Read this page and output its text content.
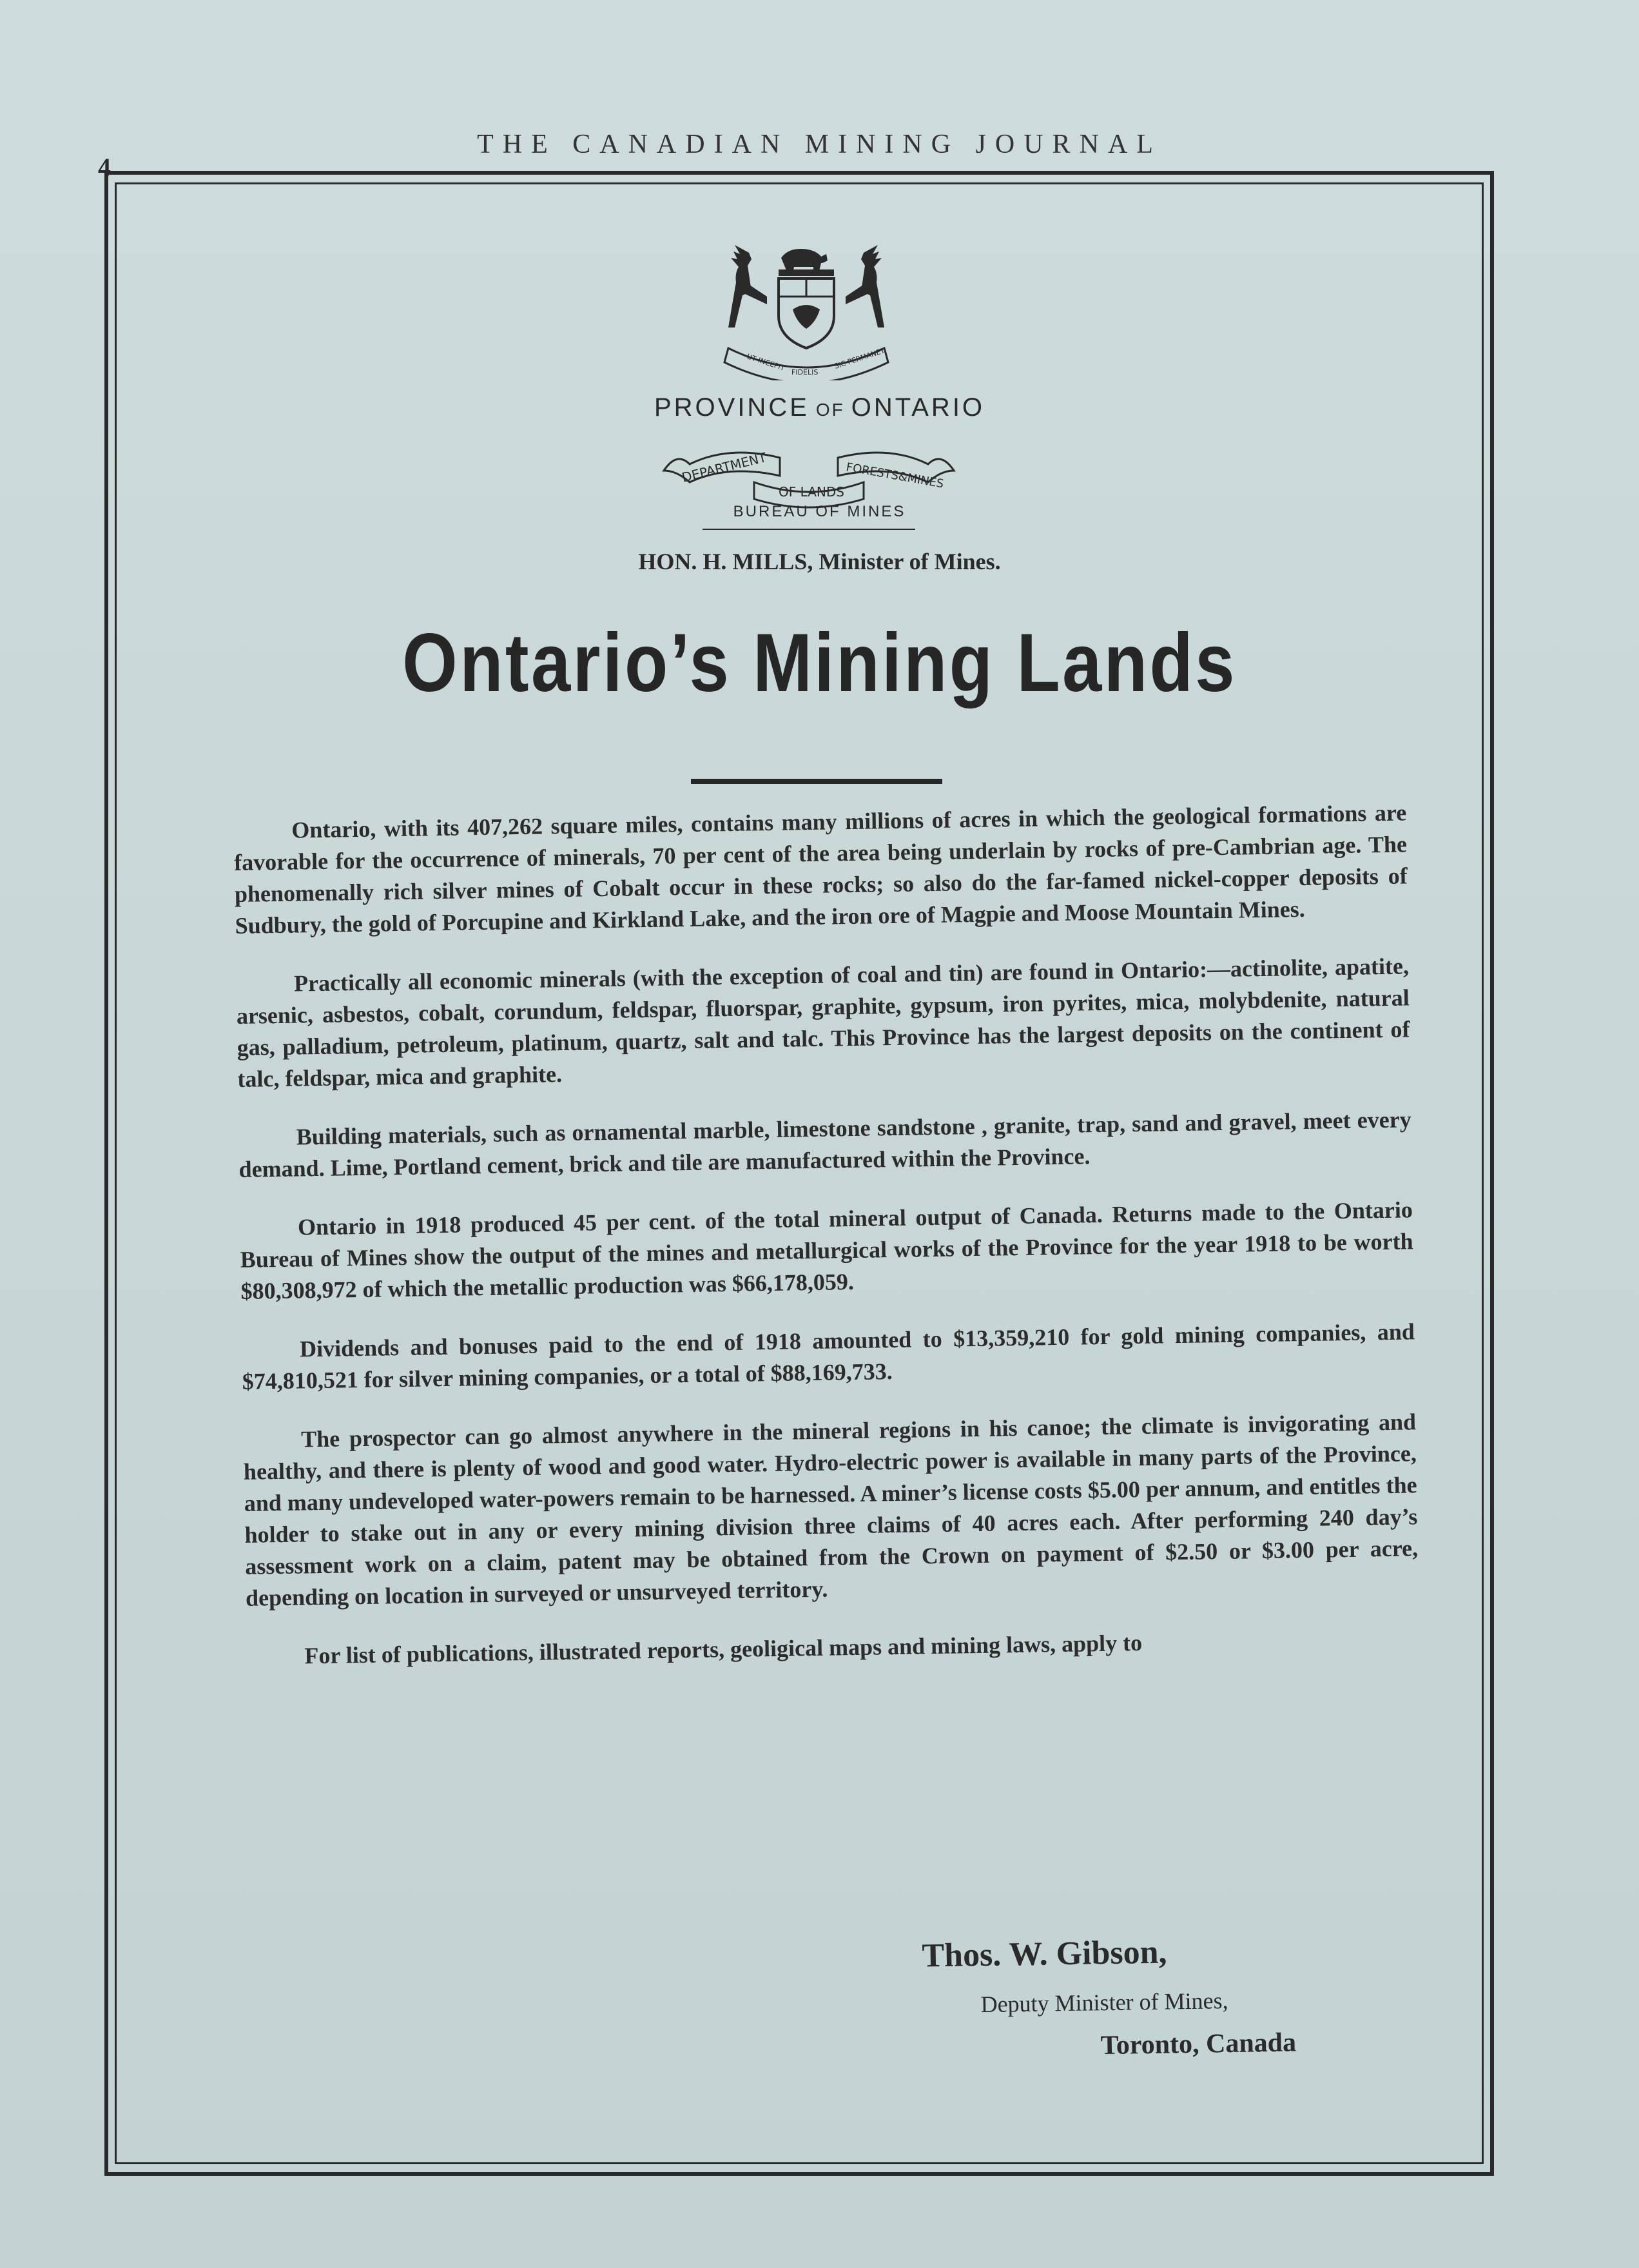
4
THE CANADIAN MINING JOURNAL
UT INCEPIT FIDELIS
SIC PERMANET
PROVINCE OF ONTARIO
DEPARTMENT	FORESTS&MINES
OF LANDS
BUREAU OF MINES
HON. H. MILLS, Minister of Mines.
Ontario’s Mining Lands

Ontario, with its 407,262 square miles, contains many millions of acres in which the geological formations are favorable for the occurrence of minerals, 70 per cent of the area being underlain by rocks of pre-Cambrian age. The phenomenally rich silver mines of Cobalt occur in these rocks; so also do the far-famed nickel-copper deposits of Sudbury, the gold of Porcupine and Kirkland Lake, and the iron ore of Magpie and Moose Mountain Mines.

Practically all economic minerals (with the exception of coal and tin) are found in Ontario:—actinolite, apatite, arsenic, asbestos, cobalt, corundum, feldspar, fluorspar, graphite, gypsum, iron pyrites, mica, molybdenite, natural gas, palladium, petroleum, platinum, quartz, salt and talc. This Province has the largest deposits on the continent of talc, feldspar, mica and graphite.

Building materials, such as ornamental marble, limestone sandstone , granite, trap, sand and gravel, meet every demand. Lime, Portland cement, brick and tile are manufactured within the Province.

Ontario in 1918 produced 45 per cent. of the total mineral output of Canada. Returns made to the Ontario Bureau of Mines show the output of the mines and metallurgical works of the Province for the year 1918 to be worth $80,308,972 of which the metallic production was $66,178,059.

Dividends and bonuses paid to the end of 1918 amounted to $13,359,210 for gold mining companies, and $74,810,521 for silver mining companies, or a total of $88,169,733.

The prospector can go almost anywhere in the mineral regions in his canoe; the climate is invigorating and healthy, and there is plenty of wood and good water. Hydro-electric power is available in many parts of the Province, and many undeveloped water-powers remain to be harnessed. A miner’s license costs $5.00 per annum, and entitles the holder to stake out in any or every mining division three claims of 40 acres each. After performing 240 day’s assessment work on a claim, patent may be obtained from the Crown on payment of $2.50 or $3.00 per acre, depending on location in surveyed or unsurveyed territory.

For list of publications, illustrated reports, geoligical maps and mining laws, apply to

Thos. W. Gibson,
Deputy Minister of Mines,
Toronto, Canada
